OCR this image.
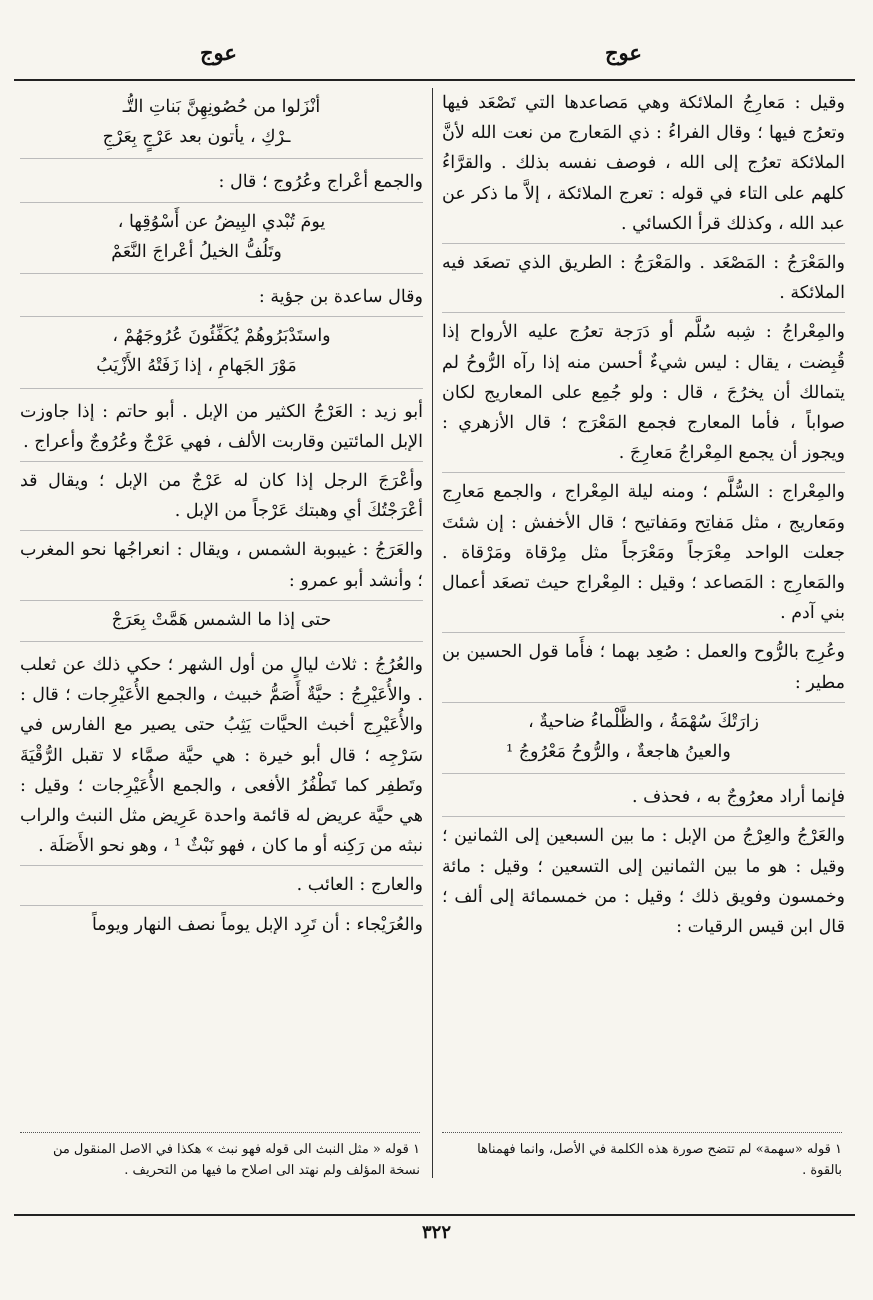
عوج
عوج

وقيل : مَعارِجُ الملائكة وهي مَصاعدها التي تَصْعَد فيها وتعرُج فيها ؛ وقال الفراءُ : ذي المَعارج من نعت الله لأنَّ الملائكة تعرُج إلى الله ، فوصف نفسه بذلك . والقرَّاءُ كلهم على التاء في قوله : تعرج الملائكة ، إلاَّ ما ذكر عن عبد الله ، وكذلك قرأ الكسائي .

والمَعْرَجُ : المَصْعَد . والمَعْرَجُ : الطريق الذي تصعَد فيه الملائكة .

والمِعْراجُ : شِبه سُلَّم أو دَرَجة تعرُج عليه الأرواح إذا قُبِضت ، يقال : ليس شيءٌ أحسن منه إذا رآه الرُّوحُ لم يتمالك أن يخرُجَ ، قال : ولو جُمِع على المعاريج لكان صواباً ، فأما المعارج فجمع المَعْرَج ؛ قال الأزهري : ويجوز أن يجمع المِعْراجُ مَعارِجَ .

والمِعْراج : السُّلَّم ؛ ومنه ليلة المِعْراج ، والجمع مَعارِج ومَعاريج ، مثل مَفاتِح ومَفاتيح ؛ قال الأخفش : إن شئتَ جعلت الواحد مِعْرَجاً ومَعْرَجاً مثل مِرْقاة ومَرْقاة . والمَعارِج : المَصاعد ؛ وقيل : المِعْراج حيث تصعَد أعمال بني آدم .

وعُرِج بالرُّوح والعمل : صُعِد بهما ؛ فأَما قول الحسين بن مطير :

زارَتْكَ سُهْمَةُ ، والظَّلْماءُ ضاحيةٌ ،
والعينُ هاجعةٌ ، والرُّوحُ مَعْرُوجُ ¹

فإنما أراد معرُوجٌ به ، فحذف .

والعَرْجُ والعِرْجُ من الإبل : ما بين السبعين إلى الثمانين ؛ وقيل : هو ما بين الثمانين إلى التسعين ؛ وقيل : مائة وخمسون وفويق ذلك ؛ وقيل : من خمسمائة إلى ألف ؛ قال ابن قيس الرقيات :

أنْزَلوا من حُصُونِهِنَّ بَناتِ التُّـ
ـرْكِ ، يأتون بعد عَرْجٍ بِعَرْجِ

والجمع أعْراج وعُرُوج ؛ قال :

يومَ تُبْدي البِيضُ عن أَسْوُقِها ،
وتَلُفُّ الخيلُ أعْراجَ النَّعَمْ

وقال ساعدة بن جؤية :

واستَدْبَرُوهُمْ يُكَفِّئُونَ عُرُوجَهُمْ ،
مَوْرَ الجَهامِ ، إذا زَفَتْهُ الأَزْيَبُ

أبو زيد : العَرْجُ الكثير من الإبل . أبو حاتم : إذا جاوزت الإبل المائتين وقاربت الألف ، فهي عَرْجٌ وعُرُوجٌ وأعراج .

وأعْرَجَ الرجل إذا كان له عَرْجٌ من الإبل ؛ ويقال قد أعْرَجْتُكَ أي وهبتك عَرْجاً من الإبل .

والعَرَجُ : غيبوبة الشمس ، ويقال : انعراجُها نحو المغرب ؛ وأنشد أبو عمرو :

حتى إذا ما الشمس هَمَّتْ بِعَرَجْ

والعُرُجُ : ثلاث ليالٍ من أول الشهر ؛ حكي ذلك عن ثعلب . والأُعَيْرِجُ : حيَّةٌ أَصَمُّ خبيث ، والجمع الأُعَيْرِجات ؛ قال : والأُعَيْرِج أخبث الحيَّات يَثِبُ حتى يصير مع الفارس في سَرْجِه ؛ قال أبو خيرة : هي حيَّة صمَّاء لا تقبل الرُّقْيَةَ وتَطفِر كما تَطْفُرُ الأفعى ، والجمع الأُعَيْرِجات ؛ وقيل : هي حيَّة عريض له قائمة واحدة عَرِيض مثل النبث والراب نبثه من رَكِنه أو ما كان ، فهو نَبْثٌ ¹ ، وهو نحو الأَصَلَة .

والعارج : العائب .

والعُرَيْجاء : أن تَرِد الإبل يوماً نصف النهار ويوماً

١ قوله «سهمة» لم تتضح صورة هذه الكلمة في الأصل، وانما فهمناها بالقوة .
١ قوله « مثل النبث الى قوله فهو نبث » هكذا في الاصل المنقول من نسخة المؤلف ولم نهتد الى اصلاح ما فيها من التحريف .
٣٢٢
